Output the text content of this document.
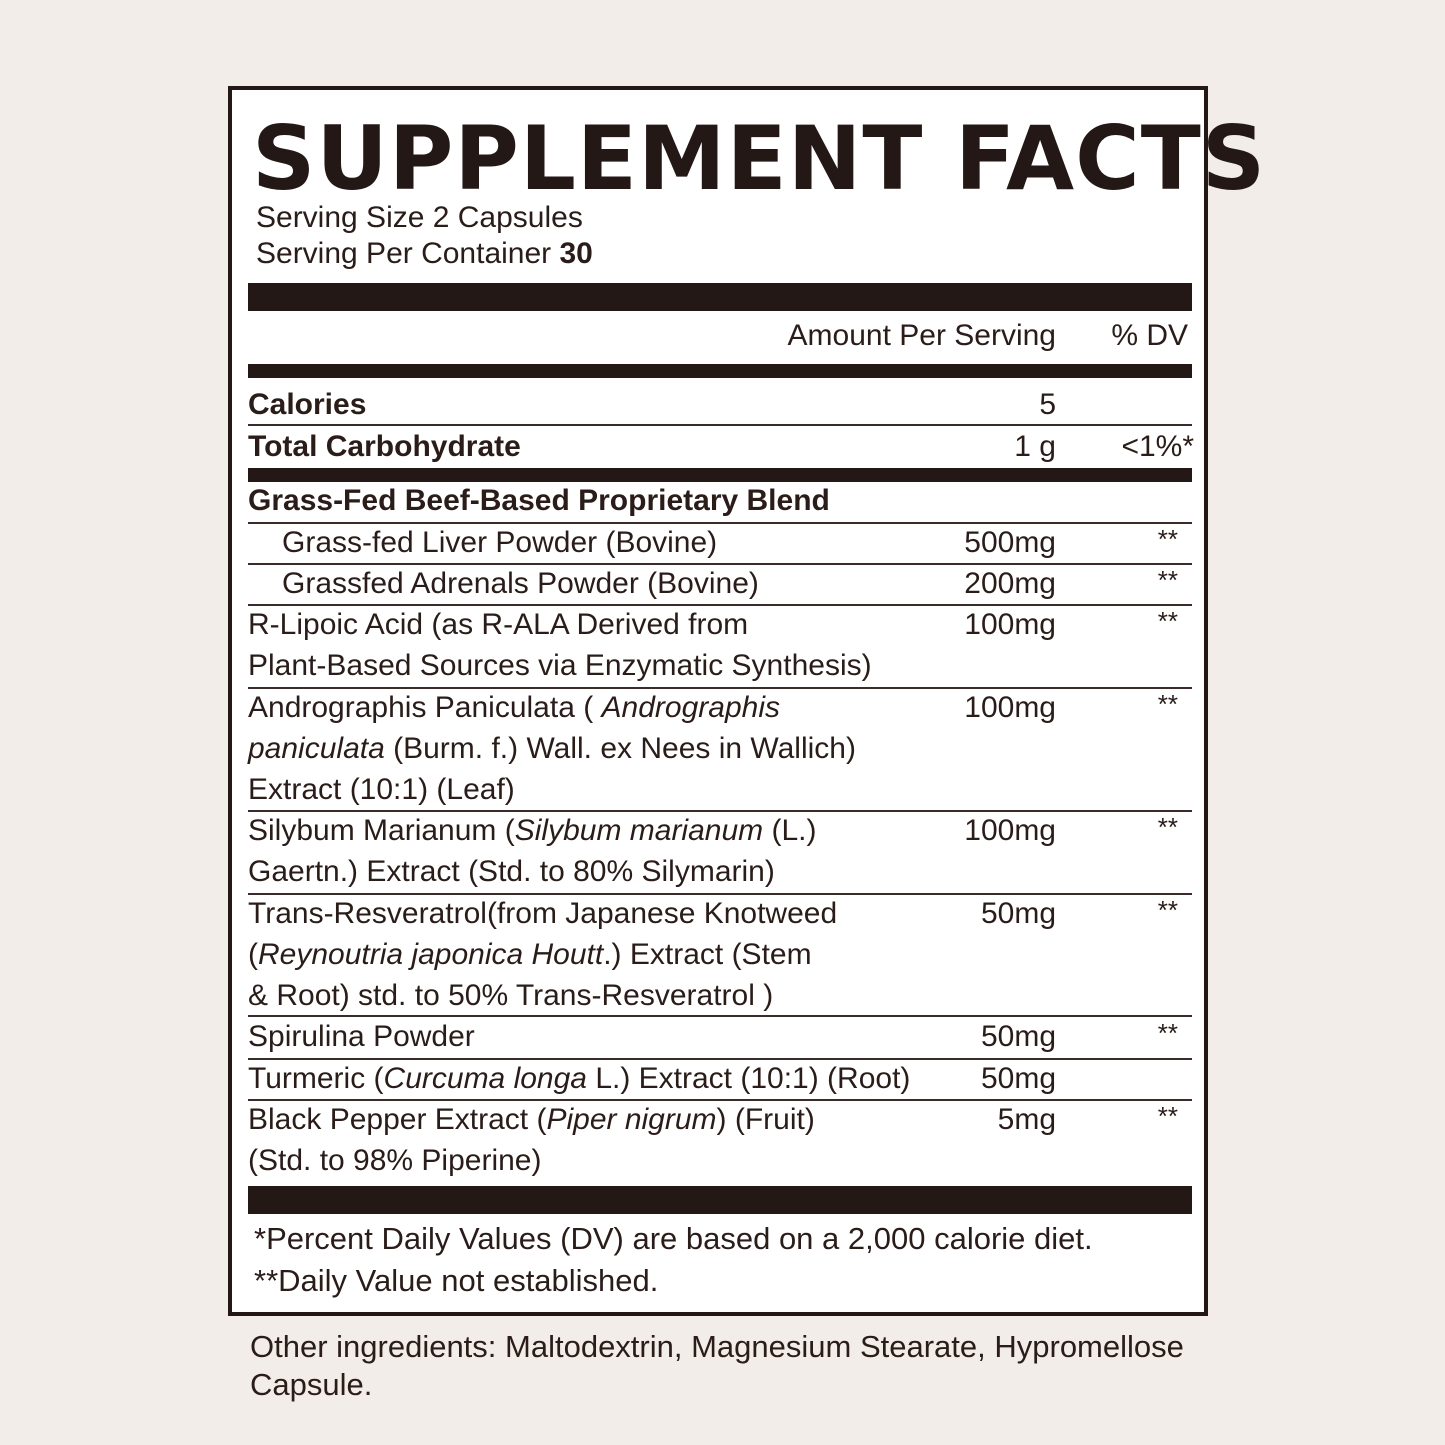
SUPPLEMENT FACTS
Serving Size 2 Capsules
Serving Per Container 30
Amount Per Serving % DV
Calories	5
Total Carbohydrate	1 g <1%*
Grass-Fed Beef-Based Proprietary Blend
Grass-fed Liver Powder (Bovine)	500mg	**
Grassfed Adrenals Powder (Bovine)	200mg	**
R-Lipoic Acid (as R-ALA Derived from
Plant-Based Sources via Enzymatic Synthesis)
100mg	**
Andrographis Paniculata ( Andrographis
paniculata (Burm. f.) Wall. ex Nees in Wallich)
Extract (10:1) (Leaf)
100mg	**
Silybum Marianum (Silybum marianum (L.)
Gaertn.) Extract (Std. to 80% Silymarin)
100mg	**
Trans-Resveratrol(from Japanese Knotweed
(Reynoutria japonica Houtt.) Extract (Stem
& Root) std. to 50% Trans-Resveratrol )
50mg	**
Spirulina Powder	50mg	**
Turmeric (Curcuma longa L.) Extract (10:1) (Root)	50mg
Black Pepper Extract (Piper nigrum) (Fruit)
(Std. to 98% Piperine)
5mg	**
*Percent Daily Values (DV) are based on a 2,000 calorie diet.
**Daily Value not established.
Other ingredients: Maltodextrin, Magnesium Stearate, Hypromellose Capsule.
